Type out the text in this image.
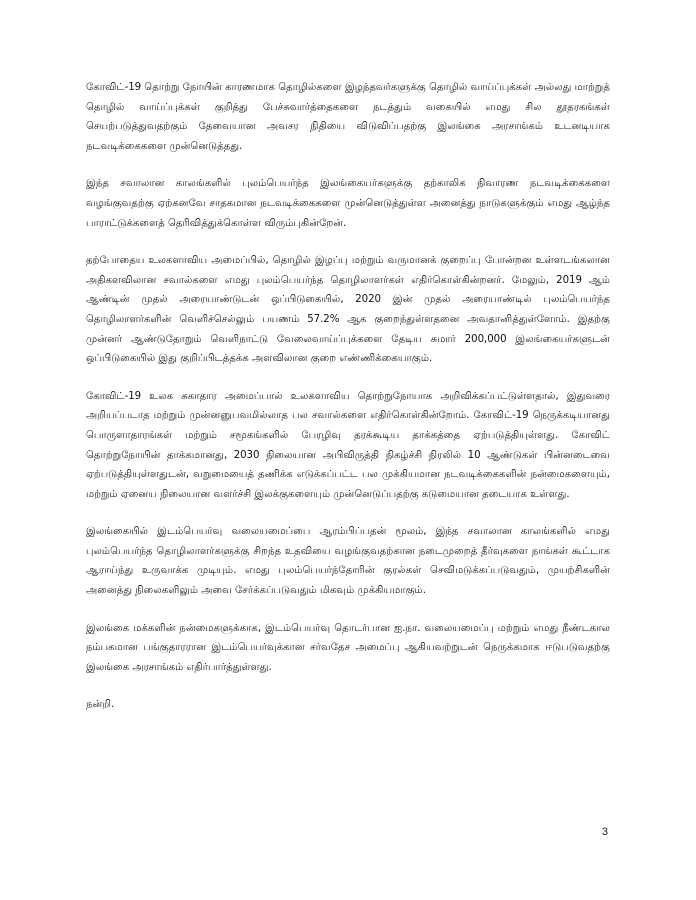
கோவிட்-19 தொற்று நோயின் காரணமாக தொழில்களை இழந்தவர்களுக்கு தொழில் வாய்ப்புக்கள் அல்லது மாற்றுத் தொழில் வாய்ப்புக்கள் குறித்து பேச்சுவார்த்தைகளை நடத்தும் வகையில் எமது சில தூதரகங்கள் செயற்படுத்துவதற்கும் தேவையான அவசர நிதியை விடுவிப்பதற்கு இலங்கை அரசாங்கம் உடனடியாக நடவடிக்கைகளை முன்னெடுத்தது.

இந்த சவாலான காலங்களில் புலம்பெயர்ந்த இலங்கையர்களுக்கு தற்காலிக நிவாரண நடவடிக்கைகளை வழங்குவதற்கு ஏற்கனவே சாதகமான நடவடிக்கைகளை முன்னெடுத்துள்ள அனைத்து நாடுகளுக்கும் எமது ஆழ்ந்த பாராட்டுக்களைத் தெரிவித்துக்கொள்ள விரும்புகின்றேன்.

தற்போதைய உலகளாவிய அமைப்பில், தொழில் இழப்பு மற்றும் வருமானக் குறைப்பு போன்றன உள்ளடங்கலான அதிகளவிலான சவால்களை எமது புலம்பெயர்ந்த தொழிலாளர்கள் எதிர்கொள்கின்றனர். மேலும், 2019 ஆம் ஆண்டின் முதல் அரையாண்டுடன் ஒப்பிடுகையில், 2020 இன் முதல் அரையாண்டில் புலம்பெயர்ந்த தொழிலாளர்களின் வெளிச்செல்லும் பயணம் 57.2% ஆக குறைந்துள்ளதனை அவதானித்துள்ளோம். இதற்கு முன்னர் ஆண்டுதோறும் வெளிநாட்டு வேலைவாய்ப்புக்களை தேடிய சுமார் 200,000 இலங்கையர்களுடன் ஒப்பிடுகையில் இது குறிப்பிடத்தக்க அளவிலான குறை எண்ணிக்கையாகும்.

கோவிட்-19 உலக சுகாதார அமைப்பால் உலகளாவிய தொற்றுநோயாக அறிவிக்கப்பட்டுள்ளதால், இதுவரை அறியப்படாத மற்றும் முன்னனுபவமில்லாத பல சவால்களை எதிர்கொள்கின்றோம். கோவிட்-19 நெருக்கடியானது பொருளாதாரங்கள் மற்றும் சமூகங்களில் பேரழிவு தரக்கூடிய தாக்கத்தை ஏற்படுத்தியுள்ளது. கோவிட் தொற்றுநோயின் தாக்கமானது, 2030 நிலையான அபிவிருத்தி நிகழ்ச்சி நிரலில் 10 ஆண்டுகள் பின்னடைவை ஏற்படுத்தியுள்ளதுடன், வறுமையைத் தணிக்க எடுக்கப்பட்ட பல முக்கியமான நடவடிக்கைகளின் நன்மைகளையும், மற்றும் ஏனைய நிலையான வளர்ச்சி இலக்குகளையும் முன்னெடுப்பதற்கு கடுமையான தடையாக உள்ளது.

இலங்கையில் இடம்பெயர்வு வலையமைப்பை ஆரம்பிப்பதன் மூலம், இந்த சவாலான காலங்களில் எமது புலம்பெயர்ந்த தொழிலாளர்களுக்கு சிறந்த உதவியை வழங்குவதற்கான நடைமுறைத் தீர்வுகளை நாங்கள் கூட்டாக ஆராய்ந்து உருவாக்க முடியும். எமது புலம்பெயர்ந்தோரின் குரல்கள் செவிமடுக்கப்படுவதும், முயற்சிகளின் அனைத்து நிலைகளிலும் அவை சேர்க்கப்படுவதும் மிகவும் முக்கியமாகும்.

இலங்கை மக்களின் நன்மைகளுக்காக, இடம்பெயர்வு தொடர்பான ஐ.நா. வலையமைப்பு மற்றும் எமது நீண்டகால நம்பகமான பங்குதாரரான இடம்பெயர்வுக்கான சர்வதேச அமைப்பு ஆகியவற்றுடன் நெருக்கமாக ஈடுபடுவதற்கு இலங்கை அரசாங்கம் எதிர்பார்த்துள்ளது.

நன்றி.

3
